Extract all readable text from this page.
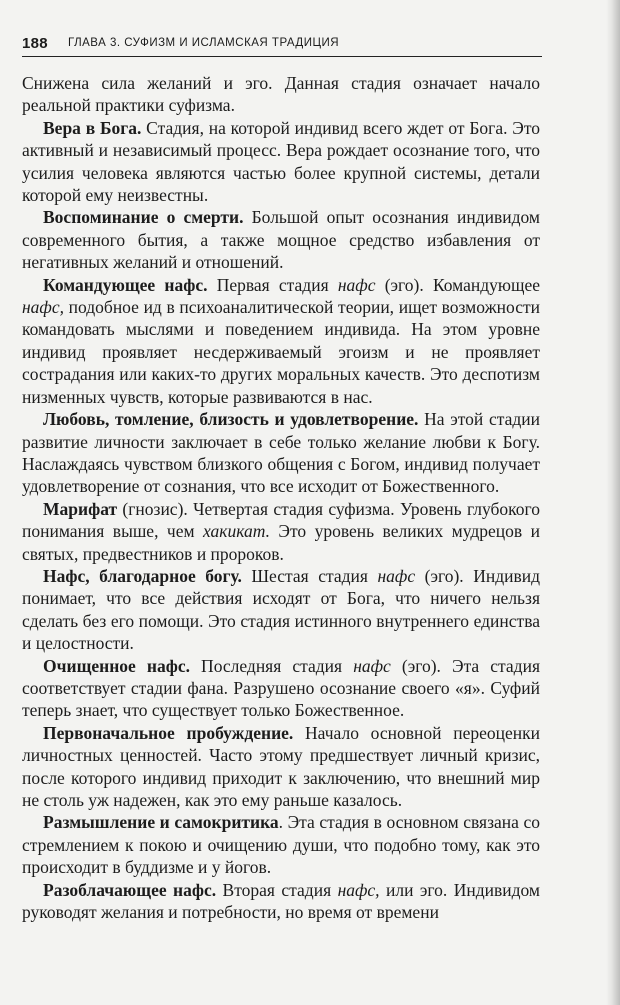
188 ГЛАВА 3. СУФИЗМ И ИСЛАМСКАЯ ТРАДИЦИЯ

Снижена сила желаний и эго. Данная стадия означает начало реальной практики суфизма.

Вера в Бога. Стадия, на которой индивид всего ждет от Бога. Это активный и независимый процесс. Вера рождает осознание того, что усилия человека являются частью более крупной системы, детали которой ему неизвестны.

Воспоминание о смерти. Большой опыт осознания индивидом современного бытия, а также мощное средство избавления от негативных желаний и отношений.

Командующее нафс. Первая стадия нафс (эго). Командующее нафс, подобное ид в психоаналитической теории, ищет возможности командовать мыслями и поведением индивида. На этом уровне индивид проявляет несдерживаемый эгоизм и не проявляет сострадания или каких-то других моральных качеств. Это деспотизм низменных чувств, которые развиваются в нас.

Любовь, томление, близость и удовлетворение. На этой стадии развитие личности заключает в себе только желание любви к Богу. Наслаждаясь чувством близкого общения с Богом, индивид получает удовлетворение от сознания, что все исходит от Божественного.

Марифат (гнозис). Четвертая стадия суфизма. Уровень глубокого понимания выше, чем хакикат. Это уровень великих мудрецов и святых, предвестников и пророков.

Нафс, благодарное богу. Шестая стадия нафс (эго). Индивид понимает, что все действия исходят от Бога, что ничего нельзя сделать без его помощи. Это стадия истинного внутреннего единства и целостности.

Очищенное нафс. Последняя стадия нафс (эго). Эта стадия соответствует стадии фана. Разрушено осознание своего «я». Суфий теперь знает, что существует только Божественное.

Первоначальное пробуждение. Начало основной переоценки личностных ценностей. Часто этому предшествует личный кризис, после которого индивид приходит к заключению, что внешний мир не столь уж надежен, как это ему раньше казалось.

Размышление и самокритика. Эта стадия в основном связана со стремлением к покою и очищению души, что подобно тому, как это происходит в буддизме и у йогов.

Разоблачающее нафс. Вторая стадия нафс, или эго. Индивидом руководят желания и потребности, но время от времени
